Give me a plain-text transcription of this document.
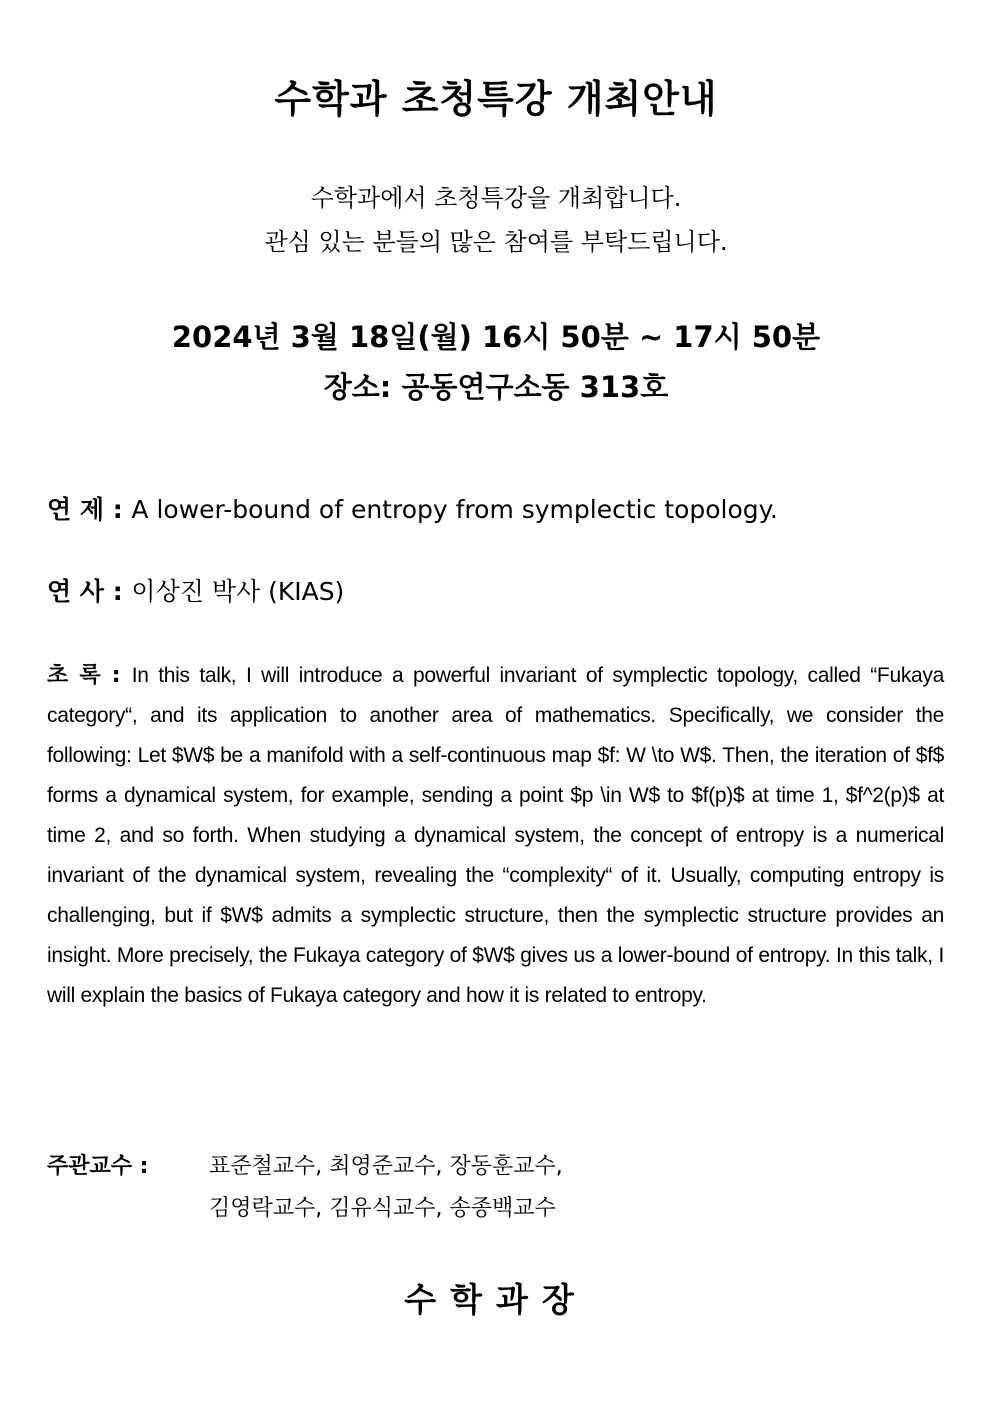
수학과 초청특강 개최안내
수학과에서 초청특강을 개최합니다.
관심 있는 분들의 많은 참여를 부탁드립니다.
2024년 3월 18일(월) 16시 50분 ~ 17시 50분
장소: 공동연구소동 313호
연 제 : A lower-bound of entropy from symplectic topology.
연 사 : 이상진 박사 (KIAS)
초 록 : In this talk, I will introduce a powerful invariant of symplectic topology, called “Fukaya category“, and its application to another area of mathematics. Specifically, we consider the following: Let $W$ be a manifold with a self-continuous map $f: W \to W$. Then, the iteration of $f$ forms a dynamical system, for example, sending a point $p \in W$ to $f(p)$ at time 1, $f^2(p)$ at time 2, and so forth. When studying a dynamical system, the concept of entropy is a numerical invariant of the dynamical system, revealing the “complexity“ of it. Usually, computing entropy is challenging, but if $W$ admits a symplectic structure, then the symplectic structure provides an insight. More precisely, the Fukaya category of $W$ gives us a lower-bound of entropy. In this talk, I will explain the basics of Fukaya category and how it is related to entropy.
주관교수 :	표준철교수, 최영준교수, 장동훈교수,
김영락교수, 김유식교수, 송종백교수
수학과장
